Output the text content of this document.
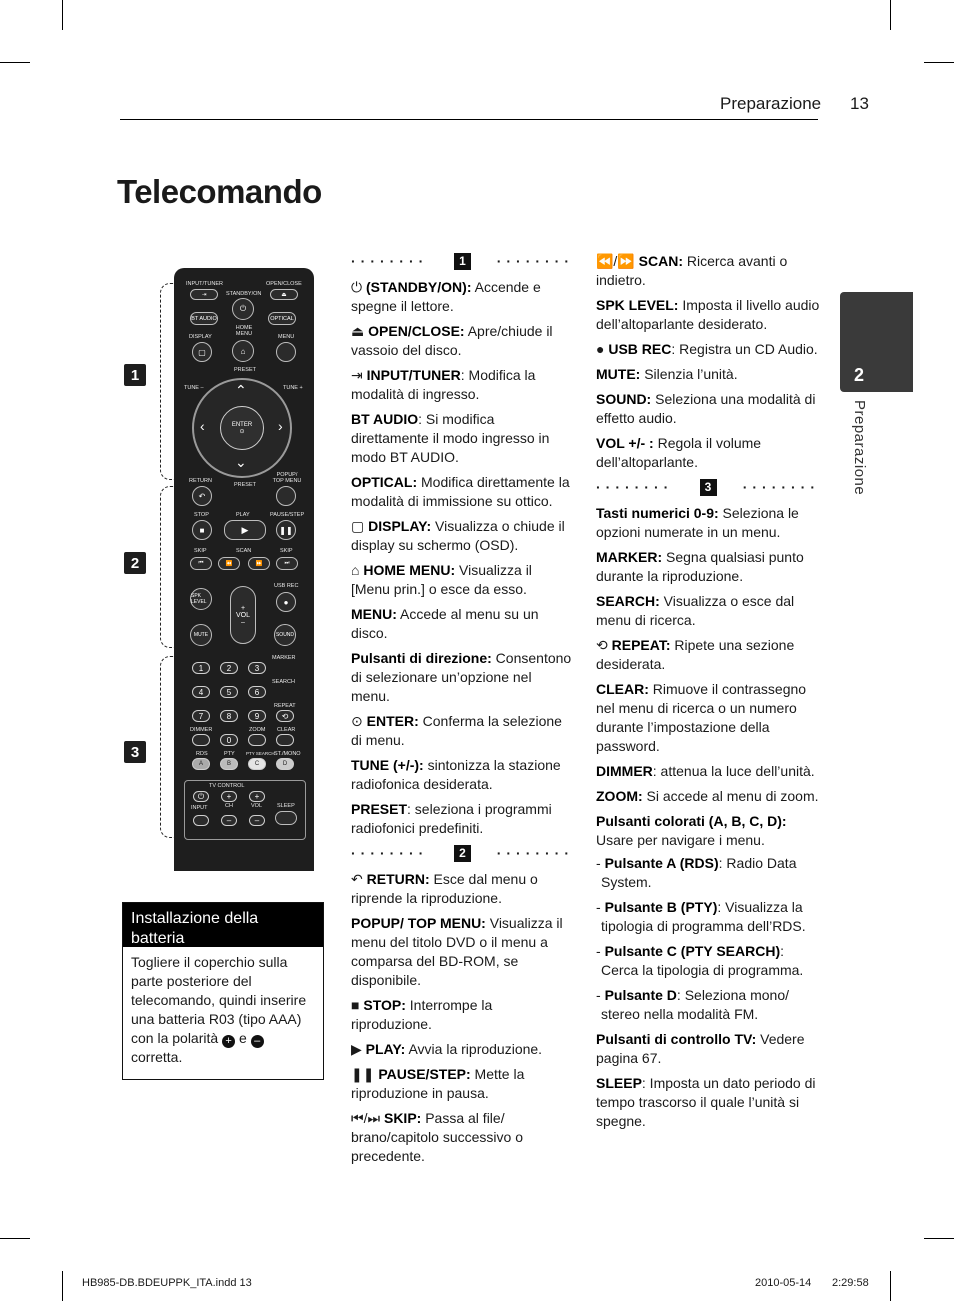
Preparazione 13
Telecomando
2
Preparazione
1
2
3
INPUT/TUNER
STANDBY/ON
OPEN/CLOSE
⇥
⏻
⏏
BT AUDIO	OPTICAL
DISPLAY
HOME MENU	MENU
▢	⌂
PRESET
TUNE –	TUNE +
⌃
⌄
‹	›
ENTER
⊙
PRESET
RETURN
POPUP/ TOP MENU
↶
STOP	PLAY	PAUSE/STEP
■	▶	❚❚
SKIP	SCAN	SKIP
⏮	⏪	⏩	⏭
USB REC
SPK LEVEL
+
VOL
–
●
MUTE	SOUND
MARKER
1	2	3
SEARCH
4	5	6
REPEAT
7	8	9	⟲
DIMMER	ZOOM CLEAR
0
RDS	PTY	PTY SEARCH ST./MONO
A	B	C	D
TV CONTROL
⏻	+	+
INPUT	CH	VOL	SLEEP
–	–
Installazione della batteria
Togliere il coperchio sulla parte posteriore del telecomando, quindi inserire una batteria R03 (tipo AAA) con la polarità + e – corretta.
········	1	········

⏻ (STANDBY/ON): Accende e spegne il lettore.

⏏ OPEN/CLOSE: Apre/chiude il vassoio del disco.

⇥ INPUT/TUNER: Modifica la modalità di ingresso.

BT AUDIO: Si modifica direttamente il modo ingresso in modo BT AUDIO.

OPTICAL: Modifica direttamente la modalità di immissione su ottico.

▢ DISPLAY: Visualizza o chiude il display su schermo (OSD).

⌂ HOME MENU: Visualizza il [Menu prin.] o esce da esso.

MENU: Accede al menu su un disco.

Pulsanti di direzione: Consentono di selezionare un’opzione nel menu.

⊙ ENTER: Conferma la selezione di menu.

TUNE (+/-): sintonizza la stazione radiofonica desiderata.

PRESET: seleziona i programmi radiofonici predefiniti.

········	2	········

↶ RETURN: Esce dal menu o riprende la riproduzione.

POPUP/ TOP MENU: Visualizza il menu del titolo DVD o il menu a comparsa del BD-ROM, se disponibile.

■ STOP: Interrompe la riproduzione.

▶ PLAY: Avvia la riproduzione.

❚❚ PAUSE/STEP: Mette la riproduzione in pausa.

⏮/⏭ SKIP: Passa al file/ brano/capitolo successivo o precedente.

⏪/⏩ SCAN: Ricerca avanti o indietro.

SPK LEVEL: Imposta il livello audio dell’altoparlante desiderato.

● USB REC: Registra un CD Audio.

MUTE: Silenzia l’unità.

SOUND: Seleziona una modalità di effetto audio.

VOL +/- : Regola il volume dell’altoparlante.

········	3	········

Tasti numerici 0-9: Seleziona le opzioni numerate in un menu.

MARKER: Segna qualsiasi punto durante la riproduzione.

SEARCH: Visualizza o esce dal menu di ricerca.

⟲ REPEAT: Ripete una sezione desiderata.

CLEAR: Rimuove il contrassegno nel menu di ricerca o un numero durante l’impostazione della password.

DIMMER: attenua la luce dell’unità.

ZOOM: Si accede al menu di zoom.

Pulsanti colorati (A, B, C, D):
Usare per navigare i menu.

- Pulsante A (RDS): Radio Data System.

- Pulsante B (PTY): Visualizza la tipologia di programma dell’RDS.

- Pulsante C (PTY SEARCH): Cerca la tipologia di programma.

- Pulsante D: Seleziona mono/ stereo nella modalità FM.

Pulsanti di controllo TV: Vedere pagina 67.

SLEEP: Imposta un dato periodo di tempo trascorso il quale l’unità si spegne.

HB985-DB.BDEUPPK_ITA.indd 13	2010-05-14 2:29:58
